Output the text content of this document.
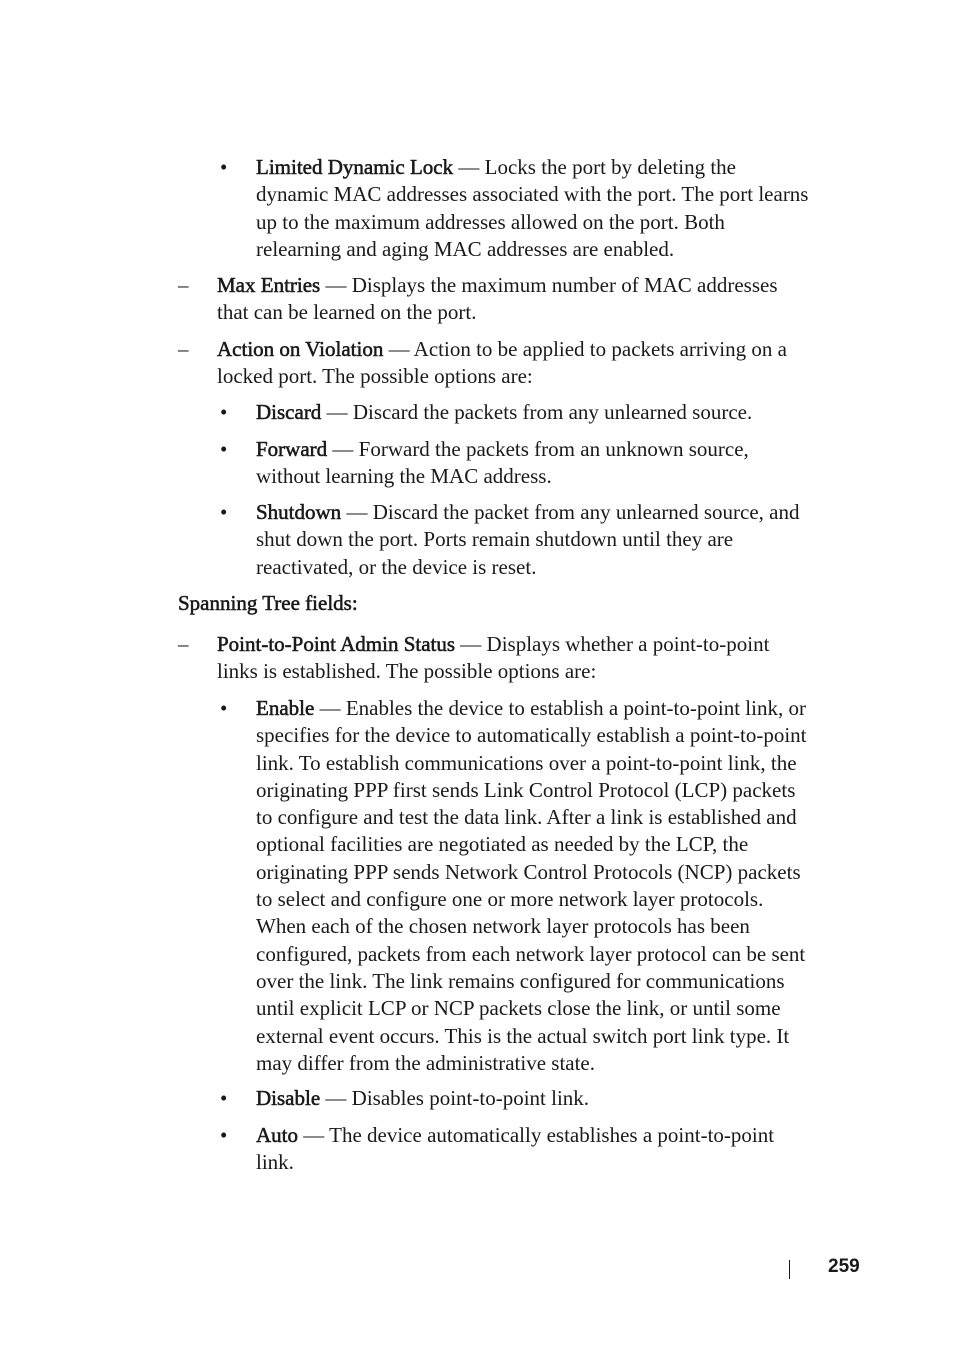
• Limited Dynamic Lock — Locks the port by deleting the
dynamic MAC addresses associated with the port. The port learns
up to the maximum addresses allowed on the port. Both
relearning and aging MAC addresses are enabled.
– Max Entries — Displays the maximum number of MAC addresses
that can be learned on the port.
– Action on Violation — Action to be applied to packets arriving on a
locked port. The possible options are:
• Discard — Discard the packets from any unlearned source.
• Forward — Forward the packets from an unknown source,
without learning the MAC address.
• Shutdown — Discard the packet from any unlearned source, and
shut down the port. Ports remain shutdown until they are
reactivated, or the device is reset.
Spanning Tree fields:
– Point-to-Point Admin Status — Displays whether a point-to-point
links is established. The possible options are:
• Enable — Enables the device to establish a point-to-point link, or
specifies for the device to automatically establish a point-to-point
link. To establish communications over a point-to-point link, the
originating PPP first sends Link Control Protocol (LCP) packets
to configure and test the data link. After a link is established and
optional facilities are negotiated as needed by the LCP, the
originating PPP sends Network Control Protocols (NCP) packets
to select and configure one or more network layer protocols.
When each of the chosen network layer protocols has been
configured, packets from each network layer protocol can be sent
over the link. The link remains configured for communications
until explicit LCP or NCP packets close the link, or until some
external event occurs. This is the actual switch port link type. It
may differ from the administrative state.
• Disable — Disables point-to-point link.
• Auto — The device automatically establishes a point-to-point
link.
259
